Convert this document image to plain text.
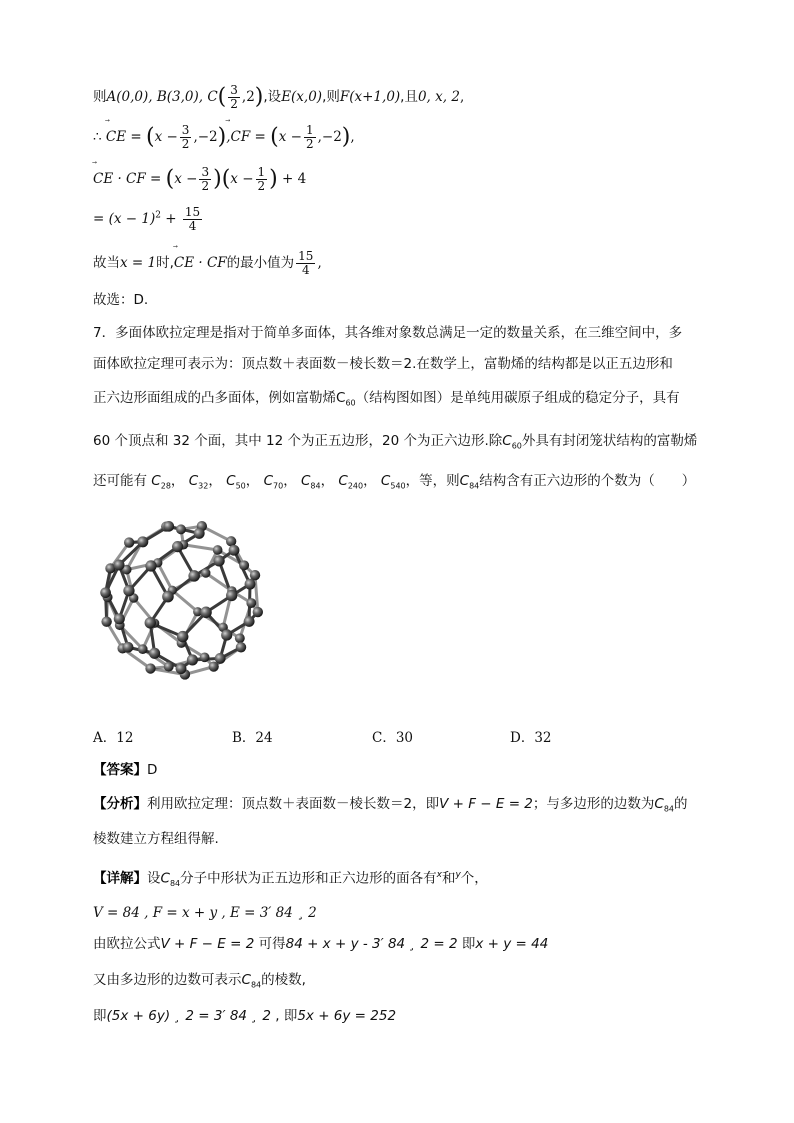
则A(0,0), B(3,0), $C( \frac{3}{2} ,2)$,设E(x,0),则F(x+1,0),且0, x, 2,
∴ ⃗ CE = ($x - \frac{3}{2}$ ,−2)⃗ $,CF = (x - \frac{1}{2} ,-2)$,
⃗ CE · CF = $(x - \frac{3}{2} )(x - \frac{1}{2}$ ) + 4
= $(x - 1)^2 + \frac{15}{4}$
故当x = 1时,⃗ CE · CF的最小值为 $\frac{15}{4}$ ,
故选：D.
7．多面体欧拉定理是指对于简单多面体，其各维对象数总满足一定的数量关系，在三维空间中，多
面体欧拉定理可表示为：顶点数＋表面数－棱长数＝2.在数学上，富勒烯的结构都是以正五边形和
正六边形面组成的凸多面体，例如富勒烯$C_{60}$（结构图如图）是单纯用碳原子组成的稳定分子，具有
60 个顶点和 32 个面，其中 12 个为正五边形，20 个为正六边形.除$C_{60}$外具有封闭笼状结构的富勒烯
还可能有 $C_{28}$， $C_{32}$， $C_{50}$， $C_{70}$， $C_{84}$， $C_{240}$， $C_{540}$，等，则$C_{84}$结构含有正六边形的个数为（　　）
A．12	B．24	C．30	D．32
【答案】D
【分析】利用欧拉定理：顶点数＋表面数－棱长数＝2，即V + F − E = 2；与多边形的边数为$C_{84}$的
棱数建立方程组得解.
【详解】设$C_{84}$分子中形状为正五边形和正六边形的面各有$^x$和$^y$个，
V = 84 , F = x + y , E = 3′ 84 ¸ 2
由欧拉公式V + F − E = 2 可得84 + x + y - 3′ 84 ¸ 2 = 2 即x + y = 44
又由多边形的边数可表示$C_{84}$的棱数,
即(5x + 6y) ¸ 2 = 3′ 84 ¸ 2 , 即5x + 6y = 252
